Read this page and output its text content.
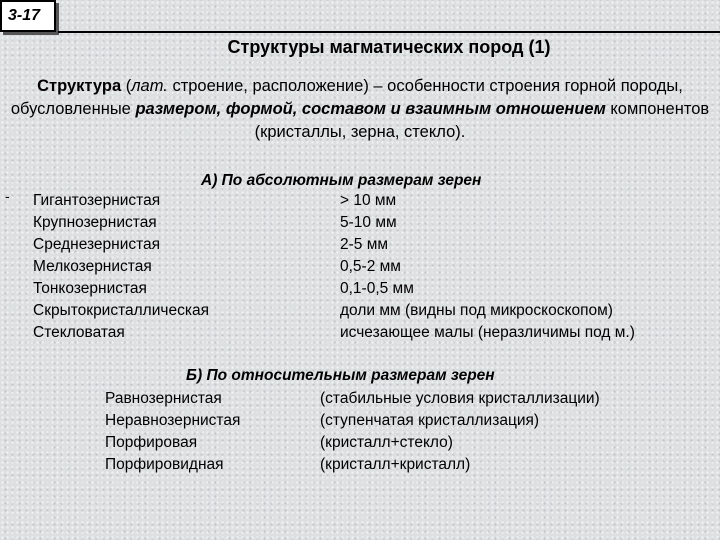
3-17
Структуры магматических пород (1)
Структура (лат. строение, расположение) – особенности строения горной породы, обусловленные размером, формой, составом и взаимным отношением компонентов (кристаллы, зерна, стекло).
-
А) По абсолютным размерам зерен
Гигантозернистая	> 10 мм
Крупнозернистая	5-10 мм
Среднезернистая	2-5 мм
Мелкозернистая	0,5-2 мм
Тонкозернистая	0,1-0,5 мм
Скрытокристаллическая	доли мм (видны под микроскоскопом)
Стекловатая	исчезающее малы (неразличимы под м.)
Б) По относительным размерам зерен
Равнозернистая	(стабильные условия кристаллизации)
Неравнозернистая	(ступенчатая кристаллизация)
Порфировая	(кристалл+стекло)
Порфировидная	(кристалл+кристалл)
